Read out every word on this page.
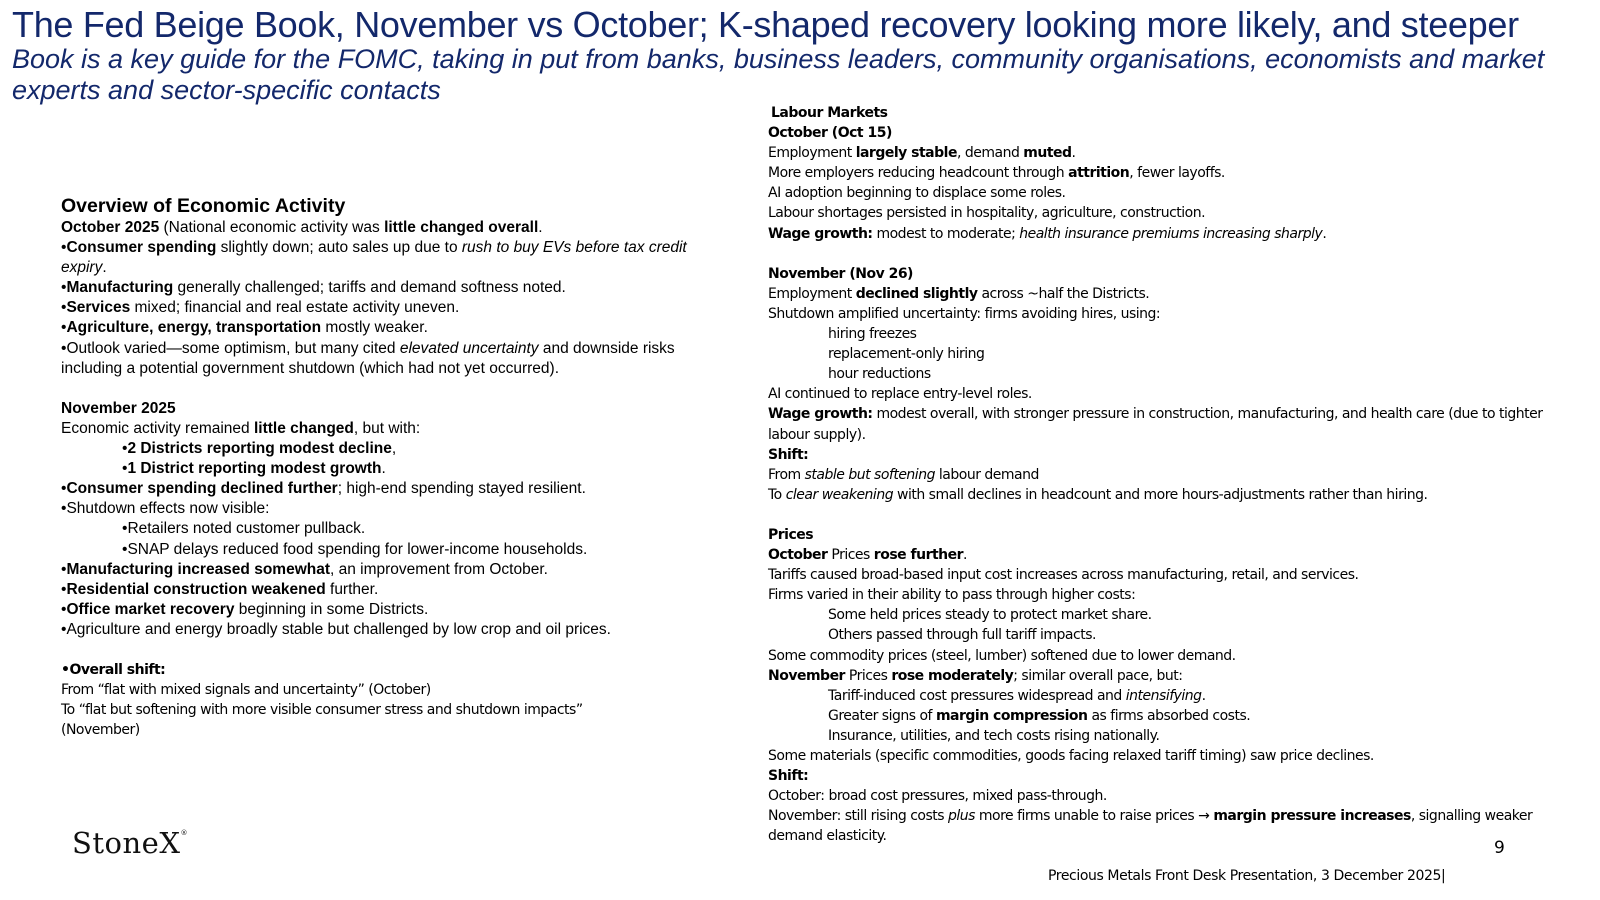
The Fed Beige Book, November vs October; K-shaped recovery looking more likely, and steeper

Book is a key guide for the FOMC, taking in put from banks, business leaders, community organisations, economists and market experts and sector-specific contacts

Overview of Economic Activity
October 2025 (National economic activity was little changed overall.
•Consumer spending slightly down; auto sales up due to rush to buy EVs before tax credit expiry.
•Manufacturing generally challenged; tariffs and demand softness noted.
•Services mixed; financial and real estate activity uneven.
•Agriculture, energy, transportation mostly weaker.
•Outlook varied—some optimism, but many cited elevated uncertainty and downside risks including a potential government shutdown (which had not yet occurred).
November 2025
Economic activity remained little changed, but with:
•2 Districts reporting modest decline,
•1 District reporting modest growth.
•Consumer spending declined further; high-end spending stayed resilient.
•Shutdown effects now visible:
•Retailers noted customer pullback.
•SNAP delays reduced food spending for lower-income households.
•Manufacturing increased somewhat, an improvement from October.
•Residential construction weakened further.
•Office market recovery beginning in some Districts.
•Agriculture and energy broadly stable but challenged by low crop and oil prices.
•Overall shift:
From “flat with mixed signals and uncertainty” (October)
To “flat but softening with more visible consumer stress and shutdown impacts” (November)
Labour Markets
October (Oct 15)
Employment largely stable, demand muted.
More employers reducing headcount through attrition, fewer layoffs.
AI adoption beginning to displace some roles.
Labour shortages persisted in hospitality, agriculture, construction.
Wage growth: modest to moderate; health insurance premiums increasing sharply.
November (Nov 26)
Employment declined slightly across ~half the Districts.
Shutdown amplified uncertainty: firms avoiding hires, using:
hiring freezes
replacement-only hiring
hour reductions
AI continued to replace entry-level roles.
Wage growth: modest overall, with stronger pressure in construction, manufacturing, and health care (due to tighter labour supply).
Shift:
From stable but softening labour demand
To clear weakening with small declines in headcount and more hours-adjustments rather than hiring.
Prices
October Prices rose further.
Tariffs caused broad-based input cost increases across manufacturing, retail, and services.
Firms varied in their ability to pass through higher costs:
Some held prices steady to protect market share.
Others passed through full tariff impacts.
Some commodity prices (steel, lumber) softened due to lower demand.
November Prices rose moderately; similar overall pace, but:
Tariff-induced cost pressures widespread and intensifying.
Greater signs of margin compression as firms absorbed costs.
Insurance, utilities, and tech costs rising nationally.
Some materials (specific commodities, goods facing relaxed tariff timing) saw price declines.
Shift:
October: broad cost pressures, mixed pass-through.
November: still rising costs plus more firms unable to raise prices → margin pressure increases, signalling weaker demand elasticity.
StoneX®
9
Precious Metals Front Desk Presentation, 3 December 2025|
